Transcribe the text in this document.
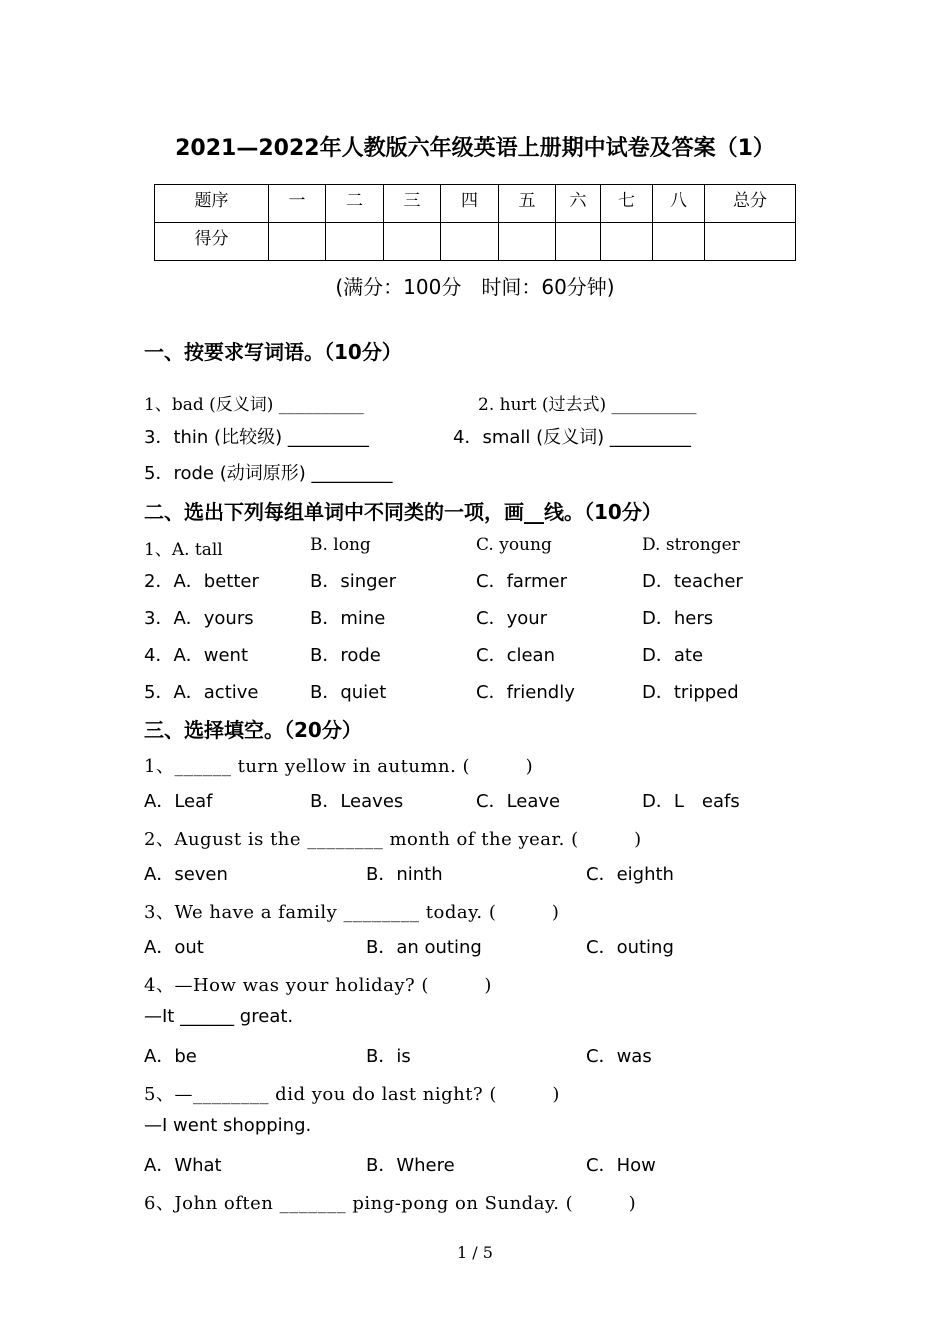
2021—2022年人教版六年级英语上册期中试卷及答案（1）
题序	一	二	三	四	五	六	七	八	总分
得分									
(满分：100分　时间：60分钟)
一、按要求写词语。（10分）
1、bad (反义词) __________	2. hurt (过去式) __________
3．thin (比较级) _________	4．small (反义词) _________
5．rode (动词原形) _________
二、选出下列每组单词中不同类的一项，画__线。（10分）
1、A. tall	B. long	C. young	D. stronger
2．A．better	B．singer	C．farmer	D．teacher
3．A．yours	B．mine	C．your	D．hers
4．A．went	B．rode	C．clean	D．ate
5．A．active	B．quiet	C．friendly	D．tripped
三、选择填空。（20分）
1、______ turn yellow in autumn. (　　　)
A．Leaf	B．Leaves	C．Leave	D．L　eafs
2、August is the ________ month of the year. (　　　)
A．seven	B．ninth	C．eighth
3、We have a family ________ today. (　　　)
A．out	B．an outing	C．outing
4、—How was your holiday? (　　　)
—It ______ great.
A．be	B．is	C．was
5、—________ did you do last night? (　　　)
—I went shopping.
A．What	B．Where	C．How
6、John often _______ ping-pong on Sunday. (　　　)
1 / 5
